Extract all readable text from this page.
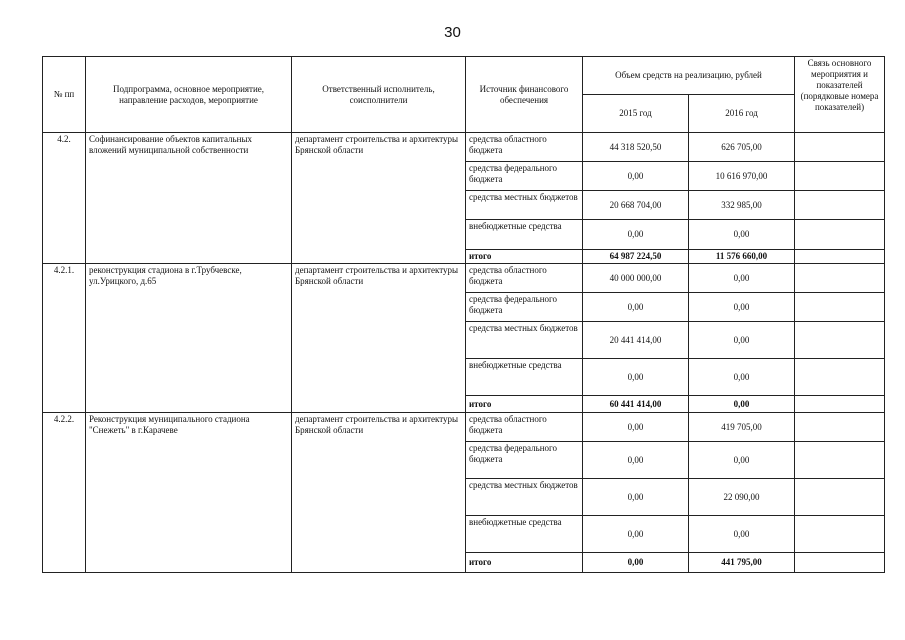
30
№ пп	Подпрограмма, основное мероприятие, направление расходов, мероприятие	Ответственный исполнитель, соисполнители	Источник финансового обеспечения	Объем средств на реализацию, рублей		Связь основного мероприятия и показателей (порядковые номера показателей)
				2015 год	2016 год	
4.2.	Софинансирование объектов капитальных вложений муниципальной собственности	департамент строительства и архитектуры Брянской области	средства областного бюджета	44 318 520,50	626 705,00	
			средства федерального бюджета	0,00	10 616 970,00	
			средства местных бюджетов	20 668 704,00	332 985,00	
			внебюджетные средства	0,00	0,00	
			итого	64 987 224,50	11 576 660,00	
4.2.1.	реконструкция стадиона в г.Трубчевске, ул.Урицкого, д.65	департамент строительства и архитектуры Брянской области	средства областного бюджета	40 000 000,00	0,00	
			средства федерального бюджета	0,00	0,00	
			средства местных бюджетов	20 441 414,00	0,00	
			внебюджетные средства	0,00	0,00	
			итого	60 441 414,00	0,00	
4.2.2.	Реконструкция муниципального стадиона "Снежеть" в г.Карачеве	департамент строительства и архитектуры Брянской области	средства областного бюджета	0,00	419 705,00	
			средства федерального бюджета	0,00	0,00	
			средства местных бюджетов	0,00	22 090,00	
			внебюджетные средства	0,00	0,00	
			итого	0,00	441 795,00	
